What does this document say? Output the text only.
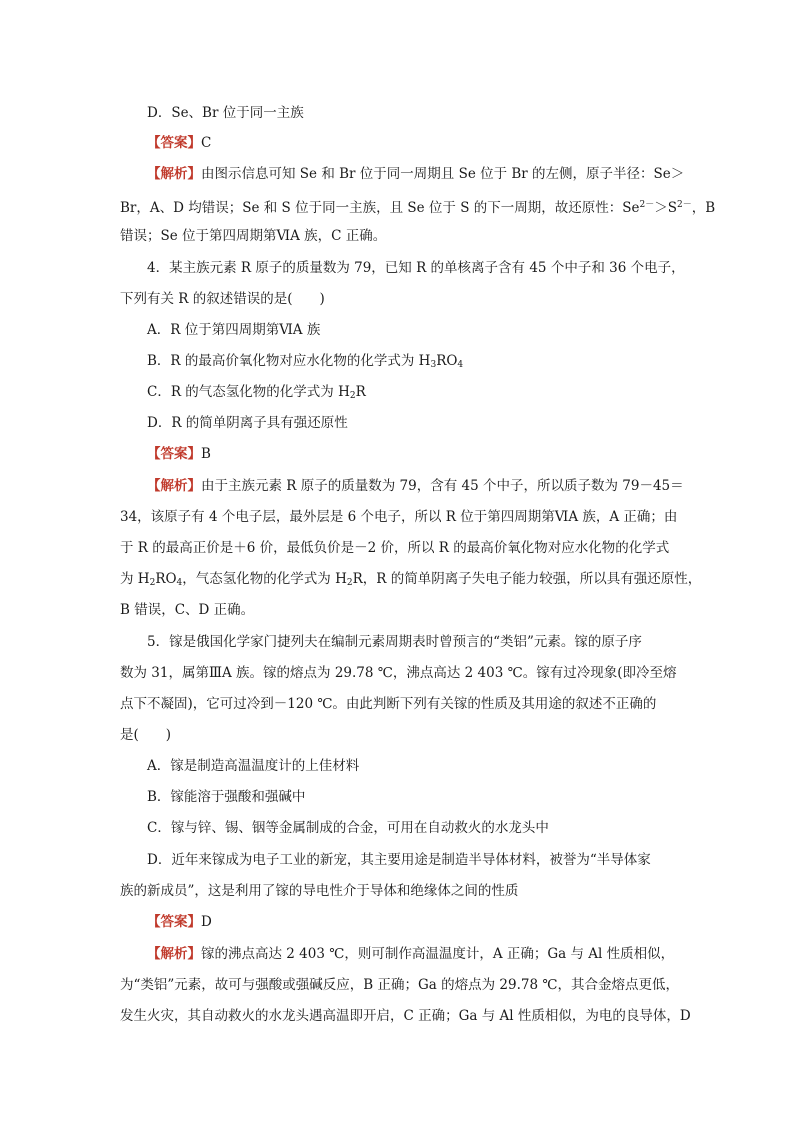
D．Se、Br 位于同一主族
【答案】C
【解析】由图示信息可知 Se 和 Br 位于同一周期且 Se 位于 Br 的左侧，原子半径：Se＞
Br，A、D 均错误；Se 和 S 位于同一主族，且 Se 位于 S 的下一周期，故还原性：$Se^{2-}>S^{2-}$，B
错误；Se 位于第四周期第ⅥA 族，C 正确。
4．某主族元素 R 原子的质量数为 79，已知 R 的单核离子含有 45 个中子和 36 个电子，
下列有关 R 的叙述错误的是(　　)
A．R 位于第四周期第ⅥA 族
B．R 的最高价氧化物对应水化物的化学式为 $H_3RO_4$
C．R 的气态氢化物的化学式为 $H_2R$
D．R 的简单阴离子具有强还原性
【答案】B
【解析】由于主族元素 R 原子的质量数为 79，含有 45 个中子，所以质子数为 79－45＝
34，该原子有 4 个电子层，最外层是 6 个电子，所以 R 位于第四周期第ⅥA 族，A 正确；由
于 R 的最高正价是＋6 价，最低负价是－2 价，所以 R 的最高价氧化物对应水化物的化学式
为 $H_2RO_4$，气态氢化物的化学式为 $H_2R$，R 的简单阴离子失电子能力较强，所以具有强还原性，
B 错误，C、D 正确。
5．镓是俄国化学家门捷列夫在编制元素周期表时曾预言的“类铝”元素。镓的原子序
数为 31，属第ⅢA 族。镓的熔点为 29.78 ℃，沸点高达 2 403 ℃。镓有过冷现象(即冷至熔
点下不凝固)，它可过冷到－120 ℃。由此判断下列有关镓的性质及其用途的叙述不正确的
是(　　)
A．镓是制造高温温度计的上佳材料
B．镓能溶于强酸和强碱中
C．镓与锌、锡、铟等金属制成的合金，可用在自动救火的水龙头中
D．近年来镓成为电子工业的新宠，其主要用途是制造半导体材料，被誉为“半导体家
族的新成员”，这是利用了镓的导电性介于导体和绝缘体之间的性质
【答案】D
【解析】镓的沸点高达 2 403 ℃，则可制作高温温度计，A 正确；Ga 与 Al 性质相似，
为“类铝”元素，故可与强酸或强碱反应，B 正确；Ga 的熔点为 29.78 ℃，其合金熔点更低，
发生火灾，其自动救火的水龙头遇高温即开启，C 正确；Ga 与 Al 性质相似，为电的良导体，D
